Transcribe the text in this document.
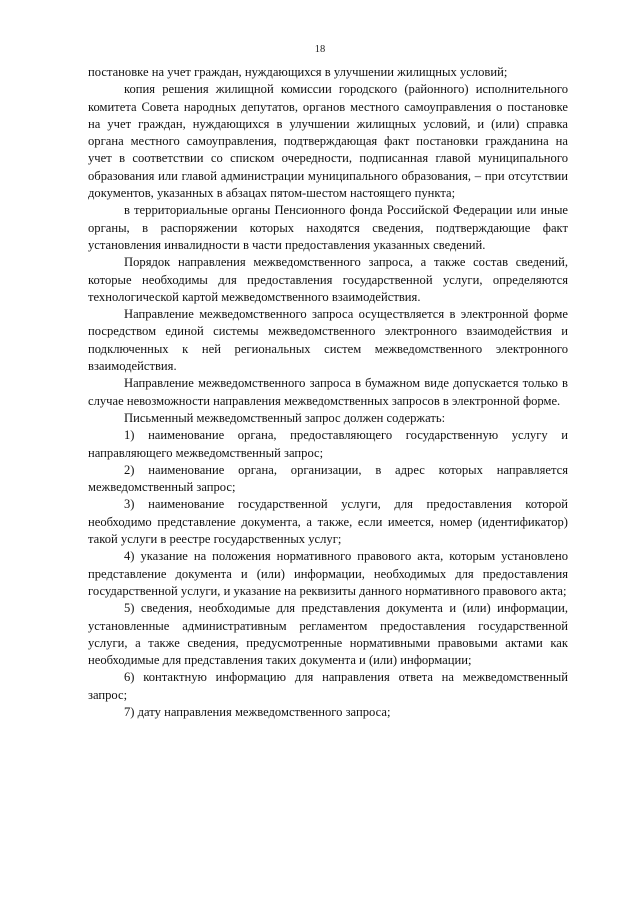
18

постановке на учет граждан, нуждающихся в улучшении жилищных условий;

копия решения жилищной комиссии городского (районного) исполнительного комитета Совета народных депутатов, органов местного самоуправления о постановке на учет граждан, нуждающихся в улучшении жилищных условий, и (или) справка органа местного самоуправления, подтверждающая факт постановки гражданина на учет в соответствии со списком очередности, подписанная главой муниципального образования или главой администрации муниципального образования, – при отсутствии документов, указанных в абзацах пятом-шестом настоящего пункта;

в территориальные органы Пенсионного фонда Российской Федерации или иные органы, в распоряжении которых находятся сведения, подтверждающие факт установления инвалидности в части предоставления указанных сведений.

Порядок направления межведомственного запроса, а также состав сведений, которые необходимы для предоставления государственной услуги, определяются технологической картой межведомственного взаимодействия.

Направление межведомственного запроса осуществляется в электронной форме посредством единой системы межведомственного электронного взаимодействия и подключенных к ней региональных систем межведомственного электронного взаимодействия.

Направление межведомственного запроса в бумажном виде допускается только в случае невозможности направления межведомственных запросов в электронной форме.

Письменный межведомственный запрос должен содержать:

1) наименование органа, предоставляющего государственную услугу и направляющего межведомственный запрос;

2) наименование органа, организации, в адрес которых направляется межведомственный запрос;

3) наименование государственной услуги, для предоставления которой необходимо представление документа, а также, если имеется, номер (идентификатор) такой услуги в реестре государственных услуг;

4) указание на положения нормативного правового акта, которым установлено представление документа и (или) информации, необходимых для предоставления государственной услуги, и указание на реквизиты данного нормативного правового акта;

5) сведения, необходимые для представления документа и (или) информации, установленные административным регламентом предоставления государственной услуги, а также сведения, предусмотренные нормативными правовыми актами как необходимые для представления таких документа и (или) информации;

6) контактную информацию для направления ответа на межведомственный запрос;

7) дату направления межведомственного запроса;
